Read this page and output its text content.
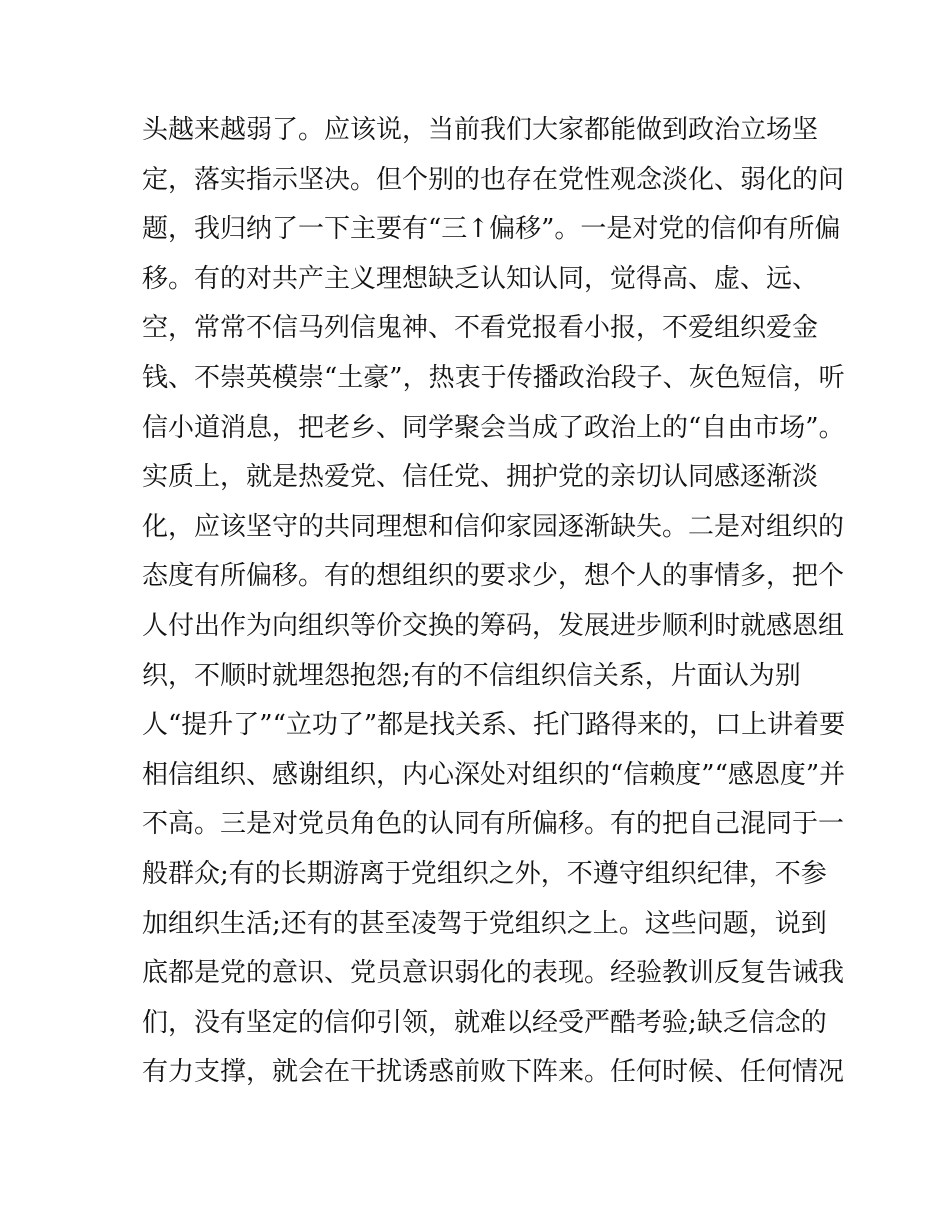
头越来越弱了。应该说，当前我们大家都能做到政治立场坚
定，落实指示坚决。但个别的也存在党性观念淡化、弱化的问
题，我归纳了一下主要有“三↑偏移”。一是对党的信仰有所偏
移。有的对共产主义理想缺乏认知认同，觉得高、虚、远、
空，常常不信马列信鬼神、不看党报看小报，不爱组织爱金
钱、不崇英模崇“土豪”，热衷于传播政治段子、灰色短信，听
信小道消息，把老乡、同学聚会当成了政治上的“自由市场”。
实质上，就是热爱党、信任党、拥护党的亲切认同感逐渐淡
化，应该坚守的共同理想和信仰家园逐渐缺失。二是对组织的
态度有所偏移。有的想组织的要求少，想个人的事情多，把个
人付出作为向组织等价交换的筹码，发展进步顺利时就感恩组
织，不顺时就埋怨抱怨;有的不信组织信关系，片面认为别
人“提升了”“立功了”都是找关系、托门路得来的，口上讲着要
相信组织、感谢组织，内心深处对组织的“信赖度”“感恩度”并
不高。三是对党员角色的认同有所偏移。有的把自己混同于一
般群众;有的长期游离于党组织之外，不遵守组织纪律，不参
加组织生活;还有的甚至凌驾于党组织之上。这些问题，说到
底都是党的意识、党员意识弱化的表现。经验教训反复告诫我
们，没有坚定的信仰引领，就难以经受严酷考验;缺乏信念的
有力支撑，就会在干扰诱惑前败下阵来。任何时候、任何情况
